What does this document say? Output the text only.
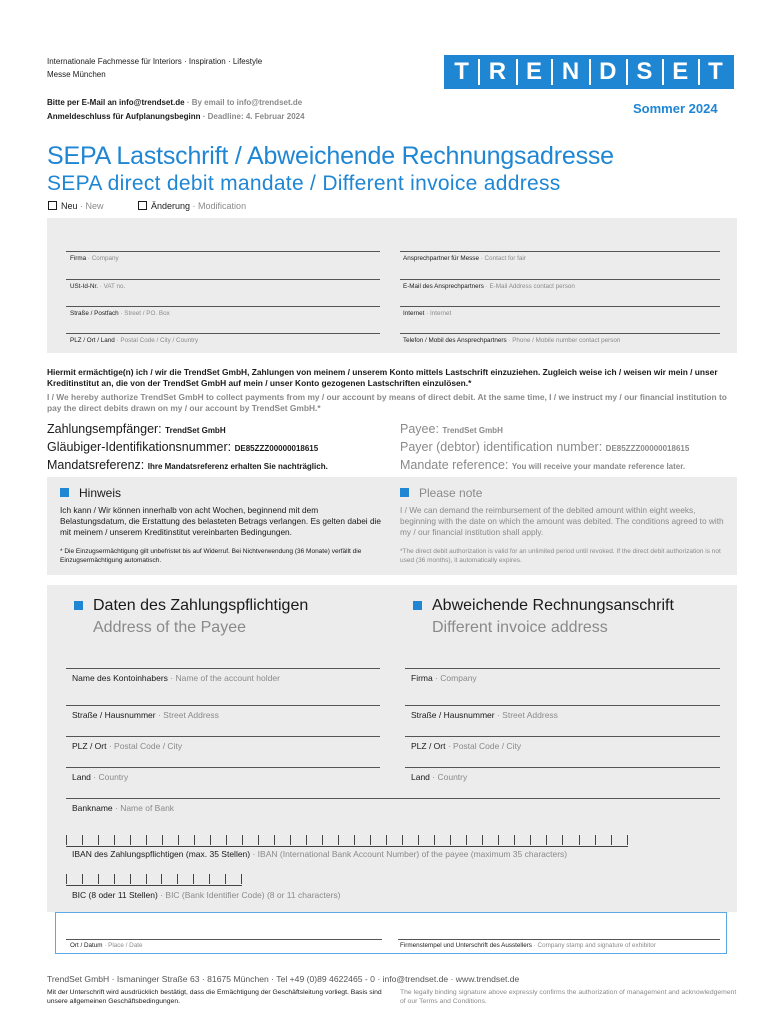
Internationale Fachmesse für Interiors · Inspiration · Lifestyle
Messe München
Bitte per E-Mail an info@trendset.de · By email to info@trendset.de
Anmeldeschluss für Aufplanungsbeginn · Deadline: 4. Februar 2024
T R E N D S E T
Sommer 2024
SEPA Lastschrift / Abweichende Rechnungsadresse
SEPA direct debit mandate / Different invoice address
Neu · New	Änderung · Modification
Firma · Company	Ansprechpartner für Messe · Contact for fair
USt-Id-Nr. · VAT no.	E-Mail des Ansprechpartners · E-Mail Address contact person
Straße / Postfach · Street / PO. Box	Internet · Internet
PLZ / Ort / Land · Postal Code / City / Country	Telefon / Mobil des Ansprechpartners · Phone / Mobile number contact person
Hiermit ermächtige(n) ich / wir die TrendSet GmbH, Zahlungen von meinem / unserem Konto mittels Lastschrift einzuziehen. Zugleich weise ich / weisen wir mein / unser Kreditinstitut an, die von der TrendSet GmbH auf mein / unser Konto gezogenen Lastschriften einzulösen.*
I / We hereby authorize TrendSet GmbH to collect payments from my / our account by means of direct debit. At the same time, I / we instruct my / our financial institution to pay the direct debits drawn on my / our account by TrendSet GmbH.*
Zahlungsempfänger: TrendSet GmbH
Gläubiger-Identifikationsnummer: DE85ZZZ00000018615
Mandatsreferenz: Ihre Mandatsreferenz erhalten Sie nachträglich.
Payee: TrendSet GmbH
Payer (debtor) identification number: DE85ZZZ00000018615
Mandate reference: You will receive your mandate reference later.
Hinweis	Please note
Ich kann / Wir können innerhalb von acht Wochen, beginnend mit dem Belastungsdatum, die Erstattung des belasteten Betrags verlangen. Es gelten dabei die mit meinem / unserem Kreditinstitut vereinbarten Bedingungen.
I / We can demand the reimbursement of the debited amount within eight weeks, beginning with the date on which the amount was debited. The conditions agreed to with my / our financial institution shall apply.
* Die Einzugsermächtigung gilt unbefristet bis auf Widerruf. Bei Nichtverwendung (36 Monate) verfällt die Einzugsermächtigung automatisch.
*The direct debit authorization is valid for an unlimited period until revoked. If the direct debit authorization is not used (36 months), it automatically expires.
Daten des Zahlungspflichtigen
Address of the Payee
Abweichende Rechnungsanschrift
Different invoice address
Name des Kontoinhabers · Name of the account holder
Straße / Hausnummer · Street Address
PLZ / Ort · Postal Code / City
Land · Country
Firma · Company
Straße / Hausnummer · Street Address
PLZ / Ort · Postal Code / City
Land · Country
Bankname · Name of Bank
IBAN des Zahlungspflichtigen (max. 35 Stellen) · IBAN (International Bank Account Number) of the payee (maximum 35 characters)
BIC (8 oder 11 Stellen) · BIC (Bank Identifier Code) (8 or 11 characters)
Ort / Datum · Place / Date	Firmenstempel und Unterschrift des Ausstellers · Company stamp and signature of exhibitor
TrendSet GmbH · Ismaninger Straße 63 · 81675 München · Tel +49 (0)89 4622465 - 0 · info@trendset.de · www.trendset.de
Mit der Unterschrift wird ausdrücklich bestätigt, dass die Ermächtigung der Geschäftsleitung vorliegt. Basis sind unsere allgemeinen Geschäftsbedingungen.
The legally binding signature above expressly confirms the authorization of management and acknowledgement of our Terms and Conditions.
